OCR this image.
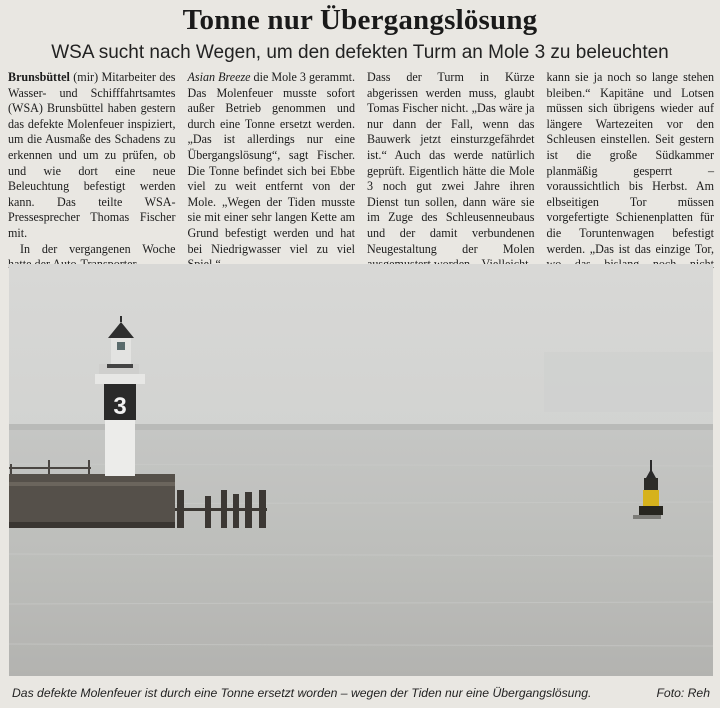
Tonne nur Übergangslösung
WSA sucht nach Wegen, um den defekten Turm an Mole 3 zu beleuchten

Brunsbüttel (mir) Mitarbeiter des Wasser- und Schifffahrtsamtes (WSA) Brunsbüttel haben gestern das defekte Molenfeuer inspiziert, um die Ausmaße des Schadens zu erkennen und um zu prüfen, ob und wie dort eine neue Beleuchtung befestigt werden kann. Das teilte WSA-Pressesprecher Thomas Fischer mit.

In der vergangenen Woche

Asian Breeze die Mole 3 gerammt. Das Molenfeuer musste sofort außer Betrieb genommen und durch eine Tonne ersetzt werden. „Das ist allerdings nur eine Übergangslösung“, sagt Fischer. Die Tonne befindet sich bei Ebbe viel zu weit entfernt von der Mole. „Wegen der Tiden musste sie mit einer sehr langen Kette am Grund befestigt werden und hat bei Niedrigwasser viel zu viel

Dass der Turm in Kürze abgerissen werden muss, glaubt Tomas Fischer nicht. „Das wäre ja nur dann der Fall, wenn das Bauwerk jetzt einsturzgefährdet ist.“ Auch das werde natürlich geprüft. Eigentlich hätte die Mole 3 noch gut zwei Jahre ihren Dienst tun sollen, dann wäre sie im Zuge des Schleusenneubaus und der damit verbundenen Neugestaltung der Molen

kann sie ja noch so lange stehen bleiben.“ Kapitäne und Lotsen müssen sich übrigens wieder auf längere Wartezeiten vor den Schleusen einstellen. Seit gestern ist die große Südkammer planmäßig gesperrt – voraussichtlich bis Herbst. Am elbseitigen Tor müssen vorgefertigte Schienenplatten für die Toruntenwagen befestigt werden. „Das ist das einzige Tor,

3
Das defekte Molenfeuer ist durch eine Tonne ersetzt worden – wegen der Tiden nur eine Übergangslösung.	Foto: Reh
